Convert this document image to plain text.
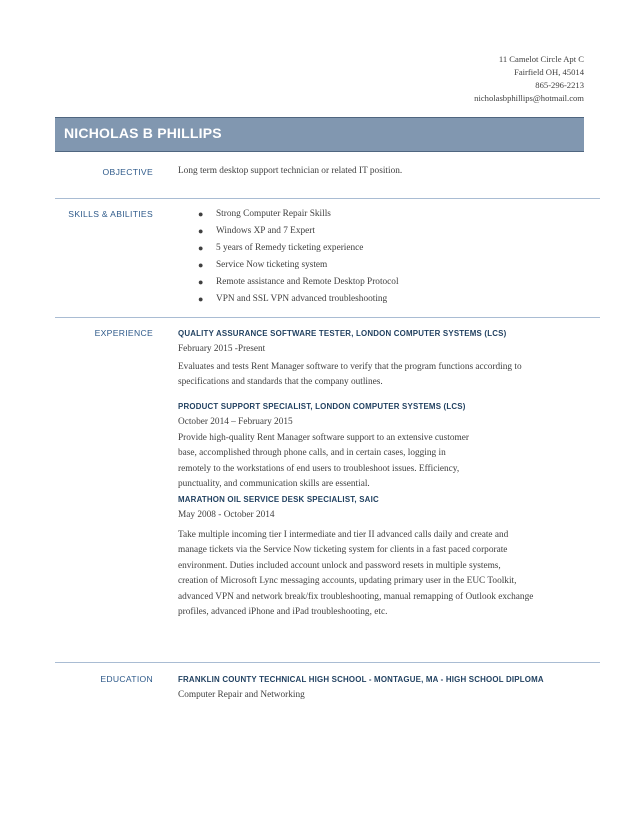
11 Camelot Circle Apt C
Fairfield OH, 45014
865-296-2213
nicholasbphillips@hotmail.com
NICHOLAS B PHILLIPS
OBJECTIVE	Long term desktop support technician or related IT position.
SKILLS & ABILITIES	● Strong Computer Repair Skills
● Windows XP and 7 Expert
● 5 years of Remedy ticketing experience
● Service Now ticketing system
● Remote assistance and Remote Desktop Protocol
● VPN and SSL VPN advanced troubleshooting
EXPERIENCE	QUALITY ASSURANCE SOFTWARE TESTER, LONDON COMPUTER SYSTEMS (LCS)
February 2015 -Present
Evaluates and tests Rent Manager software to verify that the program functions according to
specifications and standards that the company outlines.
PRODUCT SUPPORT SPECIALIST, LONDON COMPUTER SYSTEMS (LCS)
October 2014 – February 2015
Provide high-quality Rent Manager software support to an extensive customer
base, accomplished through phone calls, and in certain cases, logging in
remotely to the workstations of end users to troubleshoot issues. Efficiency,
punctuality, and communication skills are essential.
MARATHON OIL SERVICE DESK SPECIALIST, SAIC
May 2008 - October 2014
Take multiple incoming tier I intermediate and tier II advanced calls daily and create and
manage tickets via the Service Now ticketing system for clients in a fast paced corporate
environment. Duties included account unlock and password resets in multiple systems,
creation of Microsoft Lync messaging accounts, updating primary user in the EUC Toolkit,
advanced VPN and network break/fix troubleshooting, manual remapping of Outlook exchange
profiles, advanced iPhone and iPad troubleshooting, etc.
EDUCATION	FRANKLIN COUNTY TECHNICAL HIGH SCHOOL - MONTAGUE, MA - HIGH SCHOOL DIPLOMA
Computer Repair and Networking
